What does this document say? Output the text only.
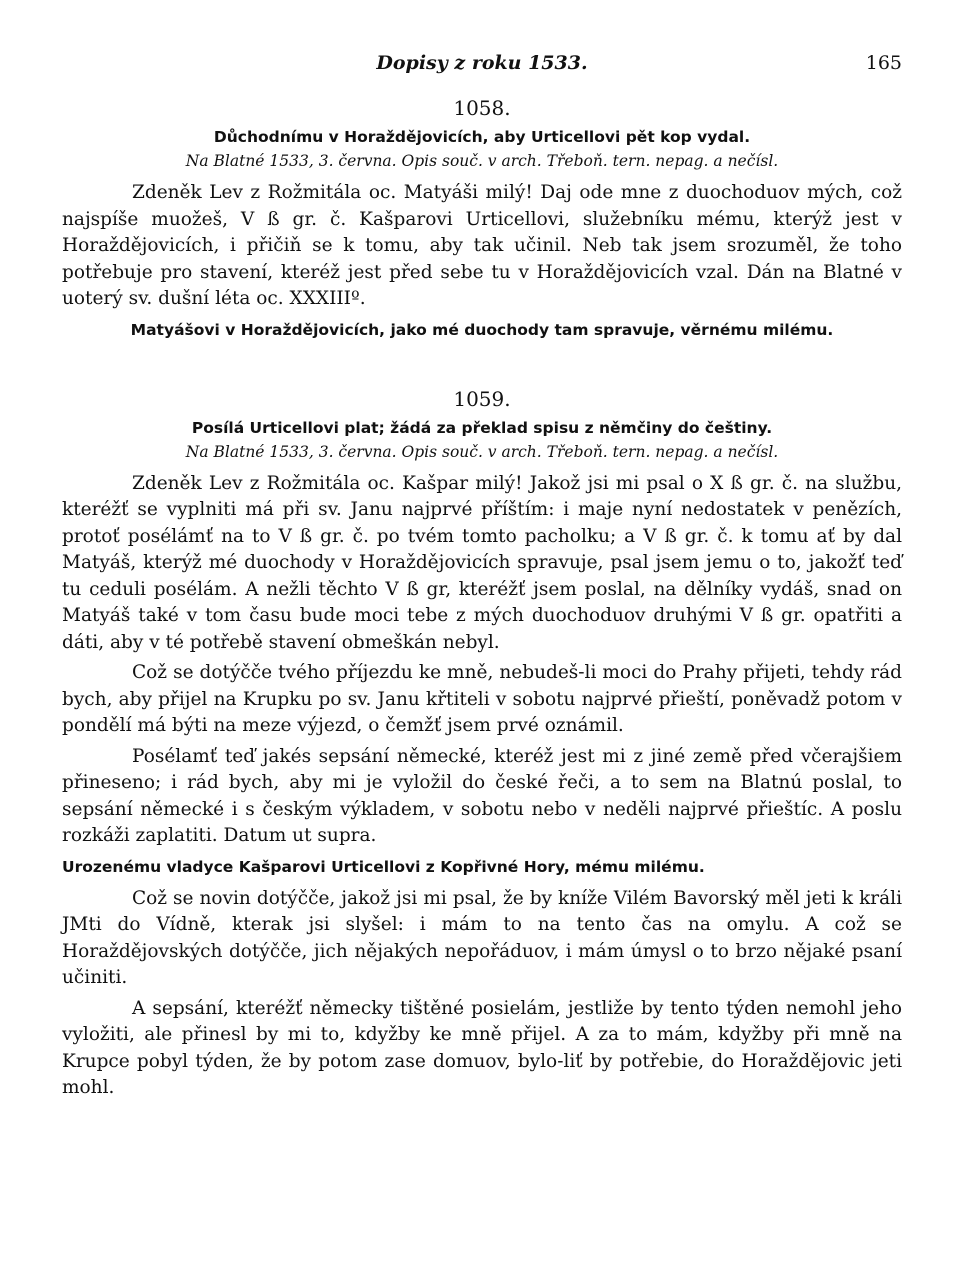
Dopisy z roku 1533.	165
1058.
Důchodnímu v Horaždějovicích, aby Urticellovi pět kop vydal.
Na Blatné 1533, 3. června. Opis souč. v arch. Třeboň. tern. nepag. a nečísl.

Zdeněk Lev z Rožmitála oc. Matyáši milý! Daj ode mne z duochoduov mých, což najspíše muožeš, V ß gr. č. Kašparovi Urticellovi, služebníku mému, kterýž jest v Horaždějovicích, i přičiň se k tomu, aby tak učinil. Neb tak jsem srozuměl, že toho potřebuje pro stavení, kteréž jest před sebe tu v Horaždějovicích vzal. Dán na Blatné v uoterý sv. dušní léta oc. XXXIIIº.

Matyášovi v Horaždějovicích, jako mé duochody tam spravuje, věrnému milému.
1059.
Posílá Urticellovi plat; žádá za překlad spisu z němčiny do češtiny.
Na Blatné 1533, 3. června. Opis souč. v arch. Třeboň. tern. nepag. a nečísl.

Zdeněk Lev z Rožmitála oc. Kašpar milý! Jakož jsi mi psal o X ß gr. č. na službu, kteréžť se vyplniti má při sv. Janu najprvé příštím: i maje nyní nedostatek v penězích, protoť posélámť na to V ß gr. č. po tvém tomto pacholku; a V ß gr. č. k tomu ať by dal Matyáš, kterýž mé duochody v Horaždějovicích spravuje, psal jsem jemu o to, jakožť teď tu ceduli posélám. A nežli těchto V ß gr, kteréžť jsem poslal, na dělníky vydáš, snad on Matyáš také v tom času bude moci tebe z mých duochoduov druhými V ß gr. opatřiti a dáti, aby v té potřebě stavení obmeškán nebyl.

Což se dotýčče tvého příjezdu ke mně, nebudeš-li moci do Prahy přijeti, tehdy rád bych, aby přijel na Krupku po sv. Janu křtiteli v sobotu najprvé přieští, poněvadž potom v pondělí má býti na meze výjezd, o čemžť jsem prvé oznámil.

Posélamť teď jakés sepsání německé, kteréž jest mi z jiné země před včerajšiem přineseno; i rád bych, aby mi je vyložil do české řeči, a to sem na Blatnú poslal, to sepsání německé i s českým výkladem, v sobotu nebo v neděli najprvé přieštíc. A poslu rozkáži zaplatiti. Datum ut supra.

Urozenému vladyce Kašparovi Urticellovi z Kopřivné Hory, mému milému.

Což se novin dotýčče, jakož jsi mi psal, že by kníže Vilém Bavorský měl jeti k králi JMti do Vídně, kterak jsi slyšel: i mám to na tento čas na omylu. A což se Horaždějovských dotýčče, jich nějakých nepořáduov, i mám úmysl o to brzo nějaké psaní učiniti.

A sepsání, kteréžť německy tištěné posielám, jestliže by tento týden nemohl jeho vyložiti, ale přinesl by mi to, kdyžby ke mně přijel. A za to mám, kdyžby při mně na Krupce pobyl týden, že by potom zase domuov, bylo-liť by potřebie, do Horaždějovic jeti mohl.
